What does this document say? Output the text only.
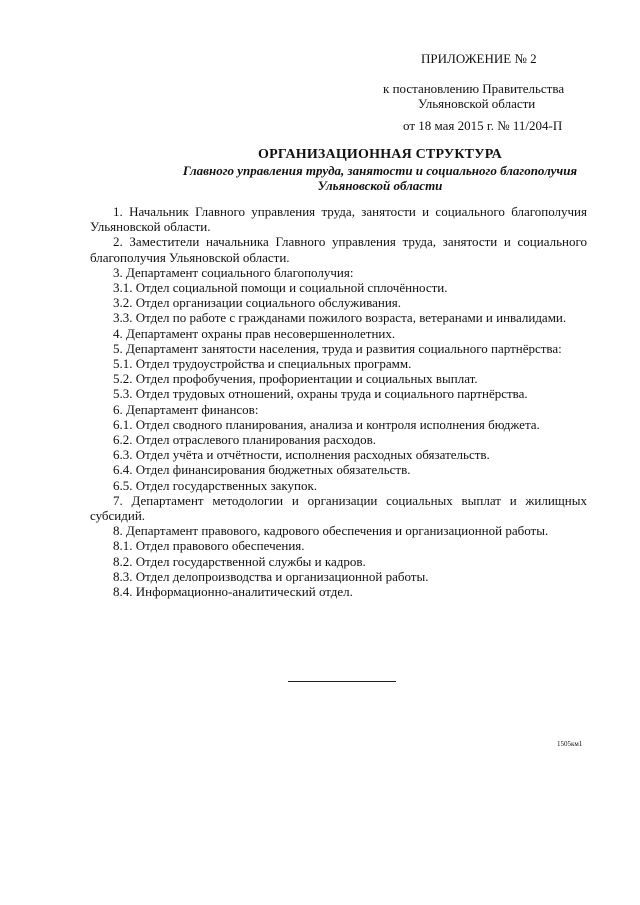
ПРИЛОЖЕНИЕ № 2
к постановлению Правительства
Ульяновской области
от 18 мая 2015 г. № 11/204-П
ОРГАНИЗАЦИОННАЯ СТРУКТУРА
Главного управления труда, занятости и социального благополучия
Ульяновской области

1. Начальник Главного управления труда, занятости и социального благополучия Ульяновской области.

2. Заместители начальника Главного управления труда, занятости и социального благополучия Ульяновской области.

3. Департамент социального благополучия:

3.1. Отдел социальной помощи и социальной сплочённости.

3.2. Отдел организации социального обслуживания.

3.3. Отдел по работе с гражданами пожилого возраста, ветеранами и инвалидами.

4. Департамент охраны прав несовершеннолетних.

5. Департамент занятости населения, труда и развития социального партнёрства:

5.1. Отдел трудоустройства и специальных программ.

5.2. Отдел профобучения, профориентации и социальных выплат.

5.3. Отдел трудовых отношений, охраны труда и социального партнёрства.

6. Департамент финансов:

6.1. Отдел сводного планирования, анализа и контроля исполнения бюджета.

6.2. Отдел отраслевого планирования расходов.

6.3. Отдел учёта и отчётности, исполнения расходных обязательств.

6.4. Отдел финансирования бюджетных обязательств.

6.5. Отдел государственных закупок.

7. Департамент методологии и организации социальных выплат и жилищных субсидий.

8. Департамент правового, кадрового обеспечения и организационной работы.

8.1. Отдел правового обеспечения.

8.2. Отдел государственной службы и кадров.

8.3. Отдел делопроизводства и организационной работы.

8.4. Информационно-аналитический отдел.

1505км1
